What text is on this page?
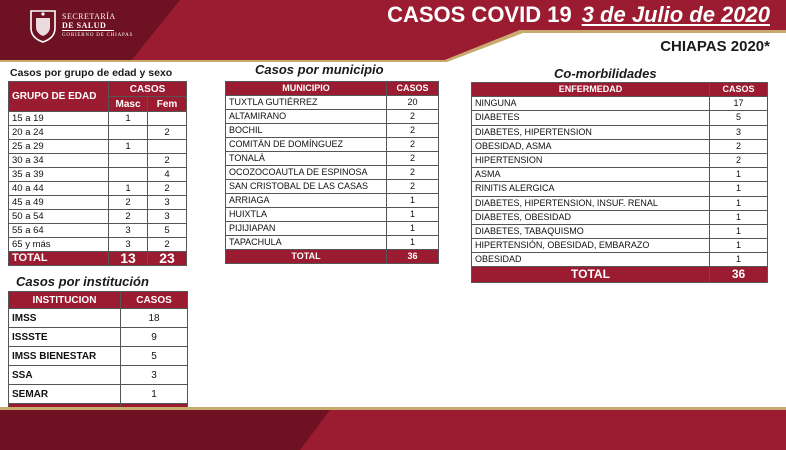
SECRETARÍA
DE SALUD
GOBIERNO DE CHIAPAS
CASOS COVID 19 3 de Julio de 2020
CHIAPAS 2020*
Casos por grupo de edad y sexo
GRUPO DE EDAD	CASOS	
	Masc	Fem
15 a 19	1	
20 a 24		2
25 a 29	1	
30 a 34		2
35 a 39		4
40 a 44	1	2
45 a 49	2	3
50 a 54	2	3
55 a 64	3	5
65 y más	3	2
TOTAL	13	23
Casos por institución
INSTITUCION	CASOS
IMSS	18
ISSSTE	9
IMSS BIENESTAR	5
SSA	3
SEMAR	1

Casos por municipio
MUNICIPIO	CASOS
TUXTLA GUTIÉRREZ	20
ALTAMIRANO	2
BOCHIL	2
COMITÁN DE DOMÍNGUEZ	2
TONALÁ	2
OCOZOCOAUTLA DE ESPINOSA	2
SAN CRISTOBAL DE LAS CASAS	2
ARRIAGA	1
HUIXTLA	1
PIJIJIAPAN	1
TAPACHULA	1
TOTAL	36
Co-morbilidades
ENFERMEDAD	CASOS
NINGUNA	17
DIABETES	5
DIABETES, HIPERTENSION	3
OBESIDAD, ASMA	2
HIPERTENSION	2
ASMA	1
RINITIS ALERGICA	1
DIABETES, HIPERTENSION, INSUF. RENAL	1
DIABETES, OBESIDAD	1
DIABETES, TABAQUISMO	1
HIPERTENSIÓN, OBESIDAD, EMBARAZO	1
OBESIDAD	1
TOTAL	36
